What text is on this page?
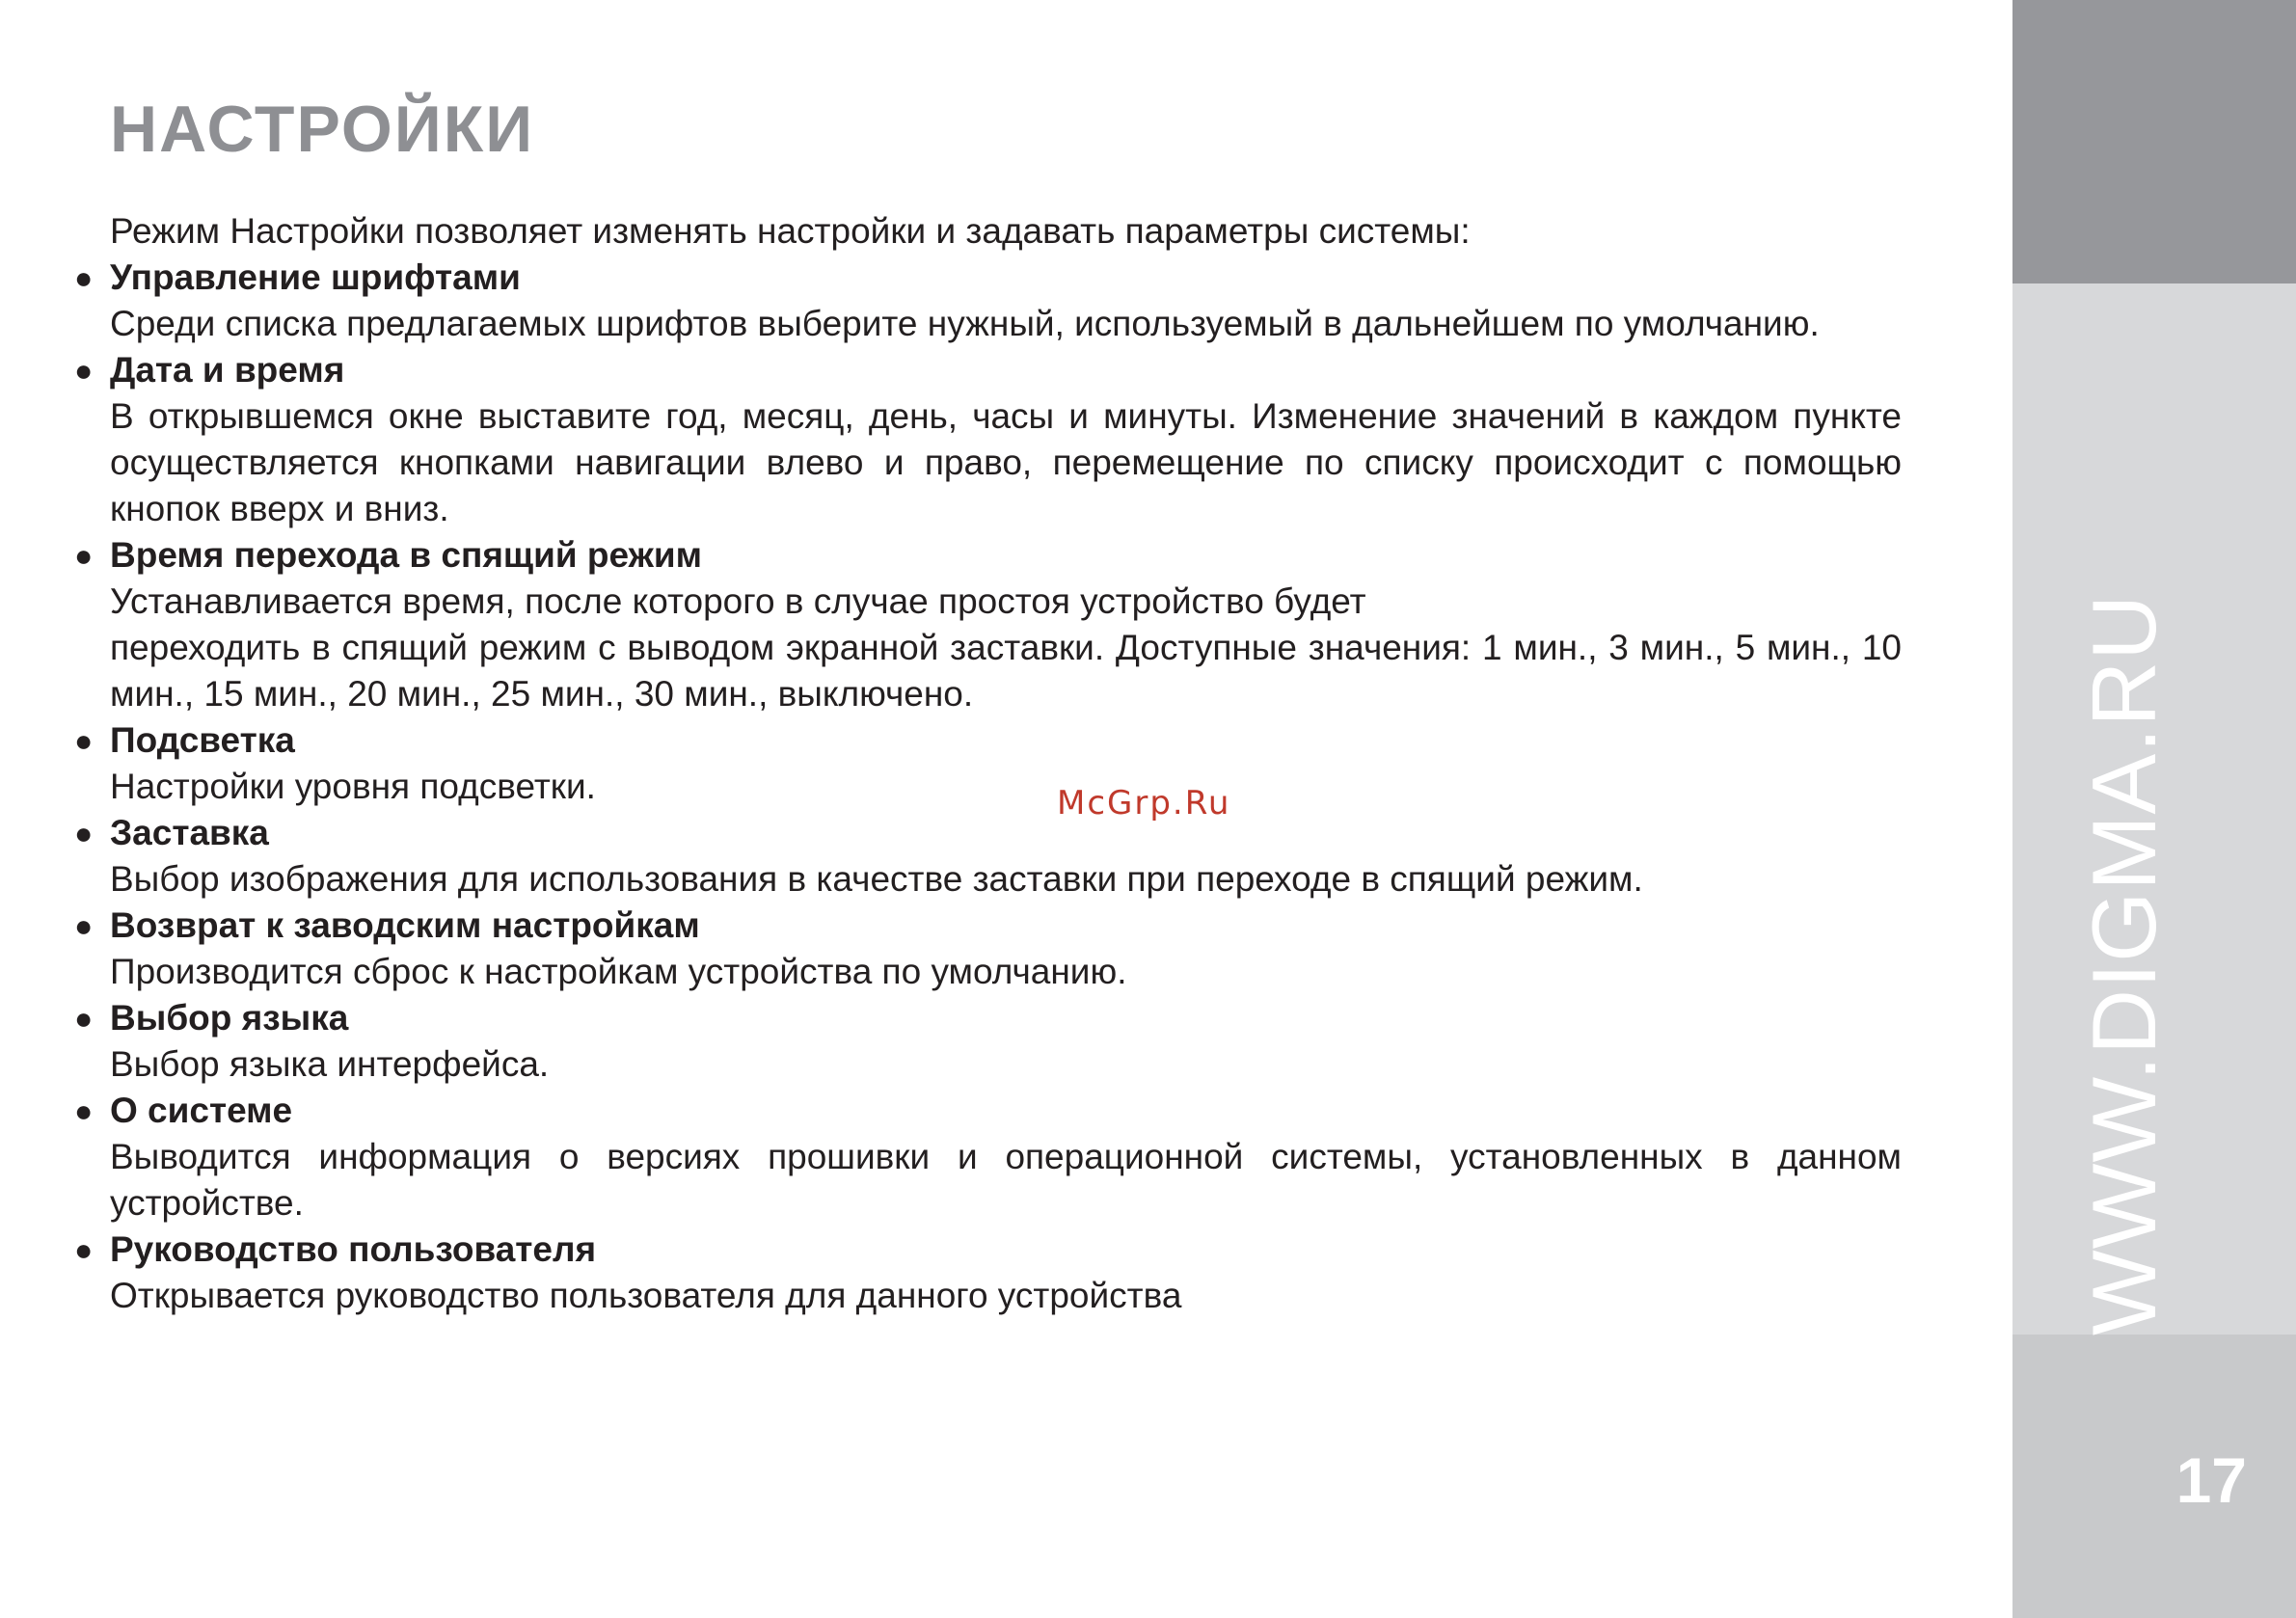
WWW.DIGMA.RU
17
НАСТРОЙКИ

Режим Настройки позволяет изменять настройки и задавать параметры системы:

● Управление шрифтами
Среди списка предлагаемых шрифтов выберите нужный, используемый в дальнейшем по умолчанию.
● Дата и время
В открывшемся окне выставите год, месяц, день, часы и минуты. Изменение значений в каждом пункте осуществляется кнопками навигации влево и право, перемещение по списку происходит с помощью кнопок вверх и вниз.
● Время перехода в спящий режим
Устанавливается время, после которого в случае простоя устройство будет
переходить в спящий режим с выводом экранной заставки. Доступные значения: 1 мин., 3 мин., 5 мин., 10 мин., 15 мин., 20 мин., 25 мин., 30 мин., выключено.
● Подсветка
Настройки уровня подсветки.
● Заставка
Выбор изображения для использования в качестве заставки при переходе в спящий режим.
● Возврат к заводским настройкам
Производится сброс к настройкам устройства по умолчанию.
● Выбор языка
Выбор языка интерфейса.
● О системе
Выводится информация о версиях прошивки и операционной системы, установленных в данном устройстве.
● Руководство пользователя
Открывается руководство пользователя для данного устройства
McGrp.Ru
